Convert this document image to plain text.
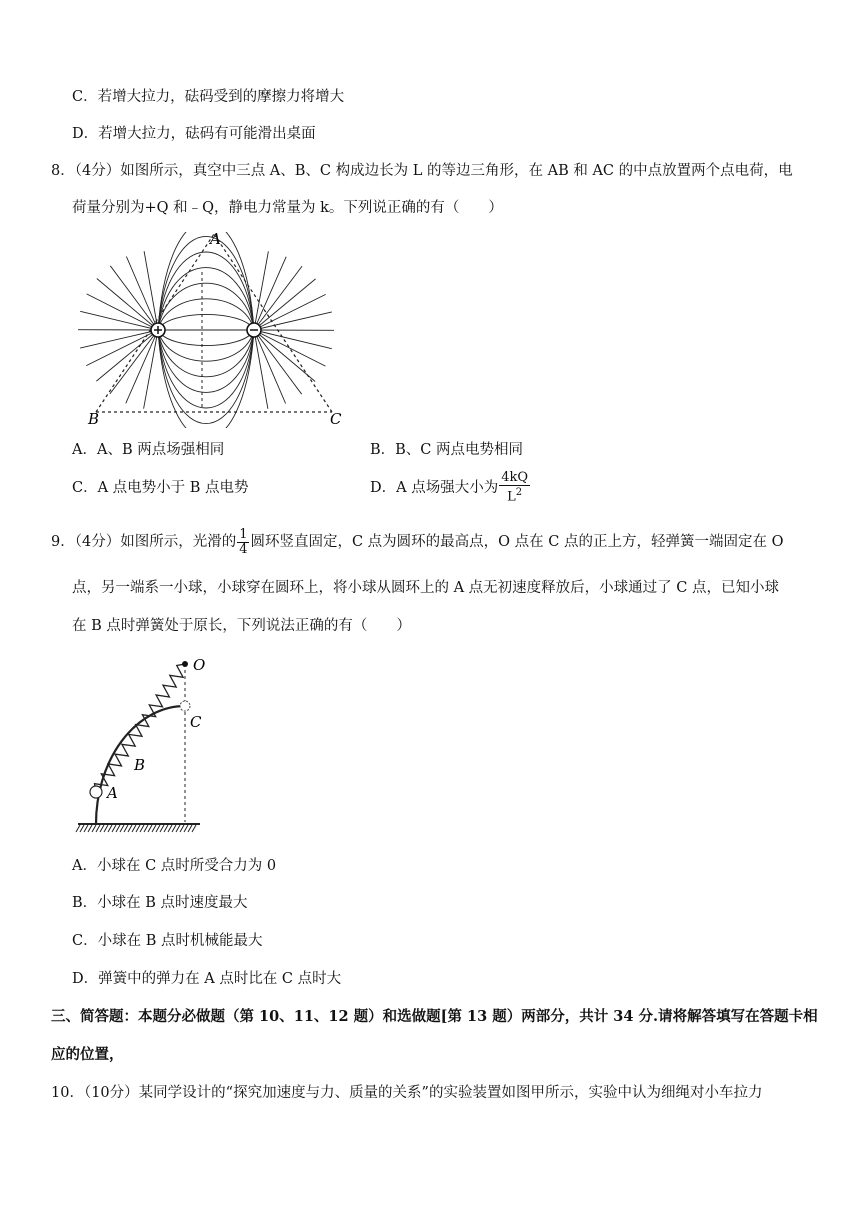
C．若增大拉力，砝码受到的摩擦力将增大
D．若增大拉力，砝码有可能滑出桌面
8．（4分）如图所示，真空中三点 A、B、C 构成边长为 L 的等边三角形，在 AB 和 AC 的中点放置两个点电荷，电
荷量分别为+Q 和﹣Q，静电力常量为 k。下列说正确的有（　　）
A
B	C
A．A、B 两点场强相同	B．B、C 两点电势相同
C．A 点电势小于 B 点电势	D．A 点场强大小为 $\frac{4kQ}{L^2}$
9．（4分）如图所示，光滑的 $\frac{1}{4}$ 圆环竖直固定，C 点为圆环的最高点，O 点在 C 点的正上方，轻弹簧一端固定在 O
点，另一端系一小球，小球穿在圆环上，将小球从圆环上的 A 点无初速度释放后，小球通过了 C 点，已知小球
在 B 点时弹簧处于原长，下列说法正确的有（　　）
O
C
B
A
A．小球在 C 点时所受合力为 0
B．小球在 B 点时速度最大
C．小球在 B 点时机械能最大
D．弹簧中的弹力在 A 点时比在 C 点时大
三、简答题：本题分必做题（第 10、11、12 题）和选做题[第 13 题）两部分，共计 34 分.请将解答填写在答题卡相
应的位置，
10．（10分）某同学设计的“探究加速度与力、质量的关系”的实验装置如图甲所示，实验中认为细绳对小车拉力
